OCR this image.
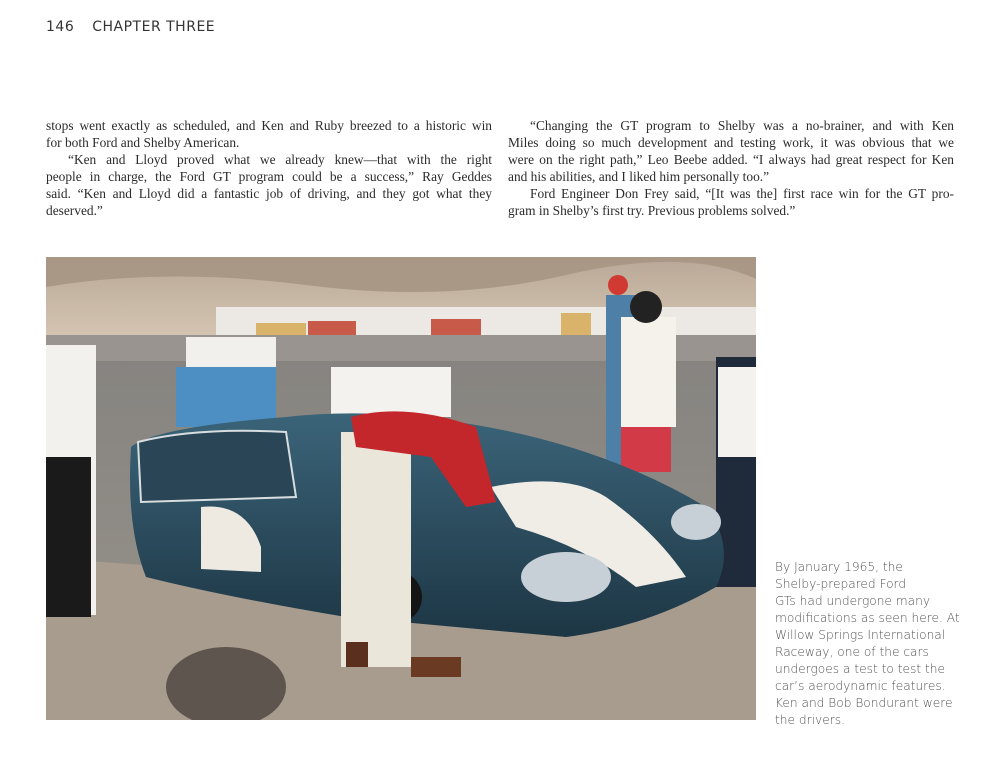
146 CHAPTER THREE
stops went exactly as scheduled, and Ken and Ruby breezed to a historic win
for both Ford and Shelby American.
“Ken and Lloyd proved what we already knew—that with the right
people in charge, the Ford GT program could be a success,” Ray Geddes
said. “Ken and Lloyd did a fantastic job of driving, and they got what they
deserved.”
“Changing the GT program to Shelby was a no-brainer, and with Ken
Miles doing so much development and testing work, it was obvious that we
were on the right path,” Leo Beebe added. “I always had great respect for Ken
and his abilities, and I liked him personally too.”
Ford Engineer Don Frey said, “[It was the] first race win for the GT pro-
gram in Shelby’s first try. Previous problems solved.”
By January 1965, the
Shelby-prepared Ford
GTs had undergone many
modifications as seen here. At
Willow Springs International
Raceway, one of the cars
undergoes a test to test the
car’s aerodynamic features.
Ken and Bob Bondurant were
the drivers.
